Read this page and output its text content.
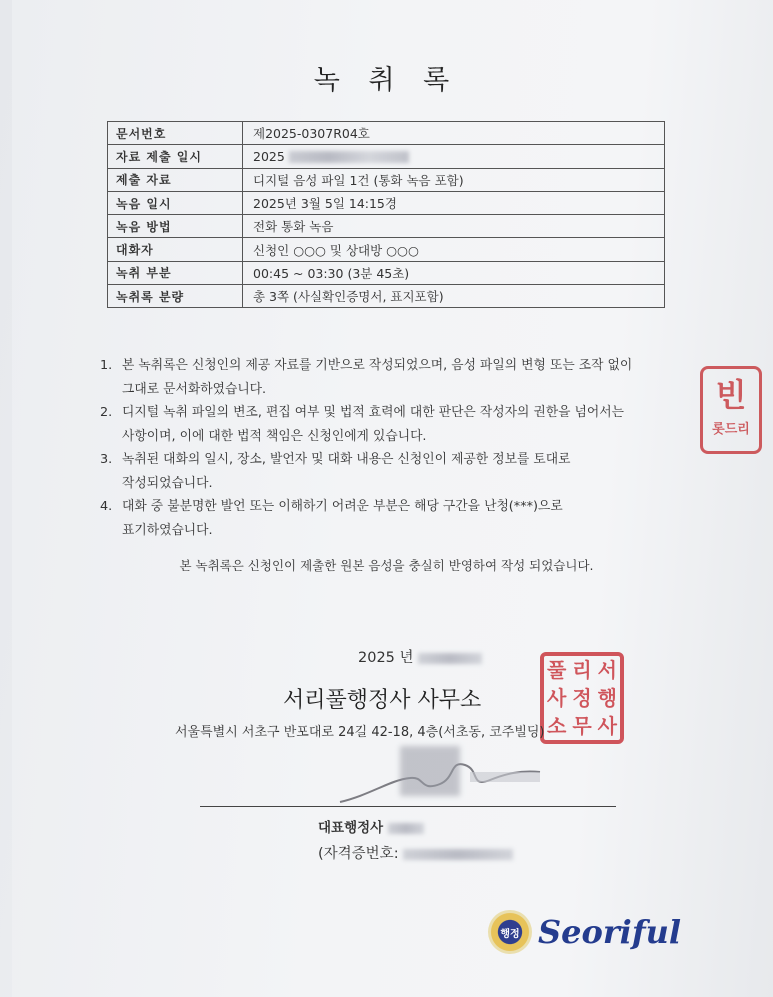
녹 취 록
문서번호	제2025-0307R04호
자료 제출 일시	2025
제출 자료	디지털 음성 파일 1건 (통화 녹음 포함)
녹음 일시	2025년 3월 5일 14:15경
녹음 방법	전화 통화 녹음
대화자	신청인 ○○○ 및 상대방 ○○○
녹취 부분	00:45 ~ 03:30 (3분 45초)
녹취록 분량	총 3쪽 (사실확인증명서, 표지포함)
1. 본 녹취록은 신청인의 제공 자료를 기반으로 작성되었으며, 음성 파일의 변형 또는 조작 없이
그대로 문서화하였습니다.
2. 디지털 녹취 파일의 변조, 편집 여부 및 법적 효력에 대한 판단은 작성자의 권한을 넘어서는
사항이며, 이에 대한 법적 책임은 신청인에게 있습니다.
3. 녹취된 대화의 일시, 장소, 발언자 및 대화 내용은 신청인이 제공한 정보를 토대로
작성되었습니다.
4. 대화 중 불분명한 발언 또는 이해하기 어려운 부분은 해당 구간을 난청(***)으로
표기하였습니다.
본 녹취록은 신청인이 제출한 원본 음성을 충실히 반영하여 작성 되었습니다.
2025 년	풀 리 서
사 정 행
소 무 사
서리풀행정사 사무소
서울특별시 서초구 반포대로 24길 42-18, 4층(서초동, 코주빌딩)
대표행정사
(자격증번호:
빈
롯드리
행정 Seoriful
